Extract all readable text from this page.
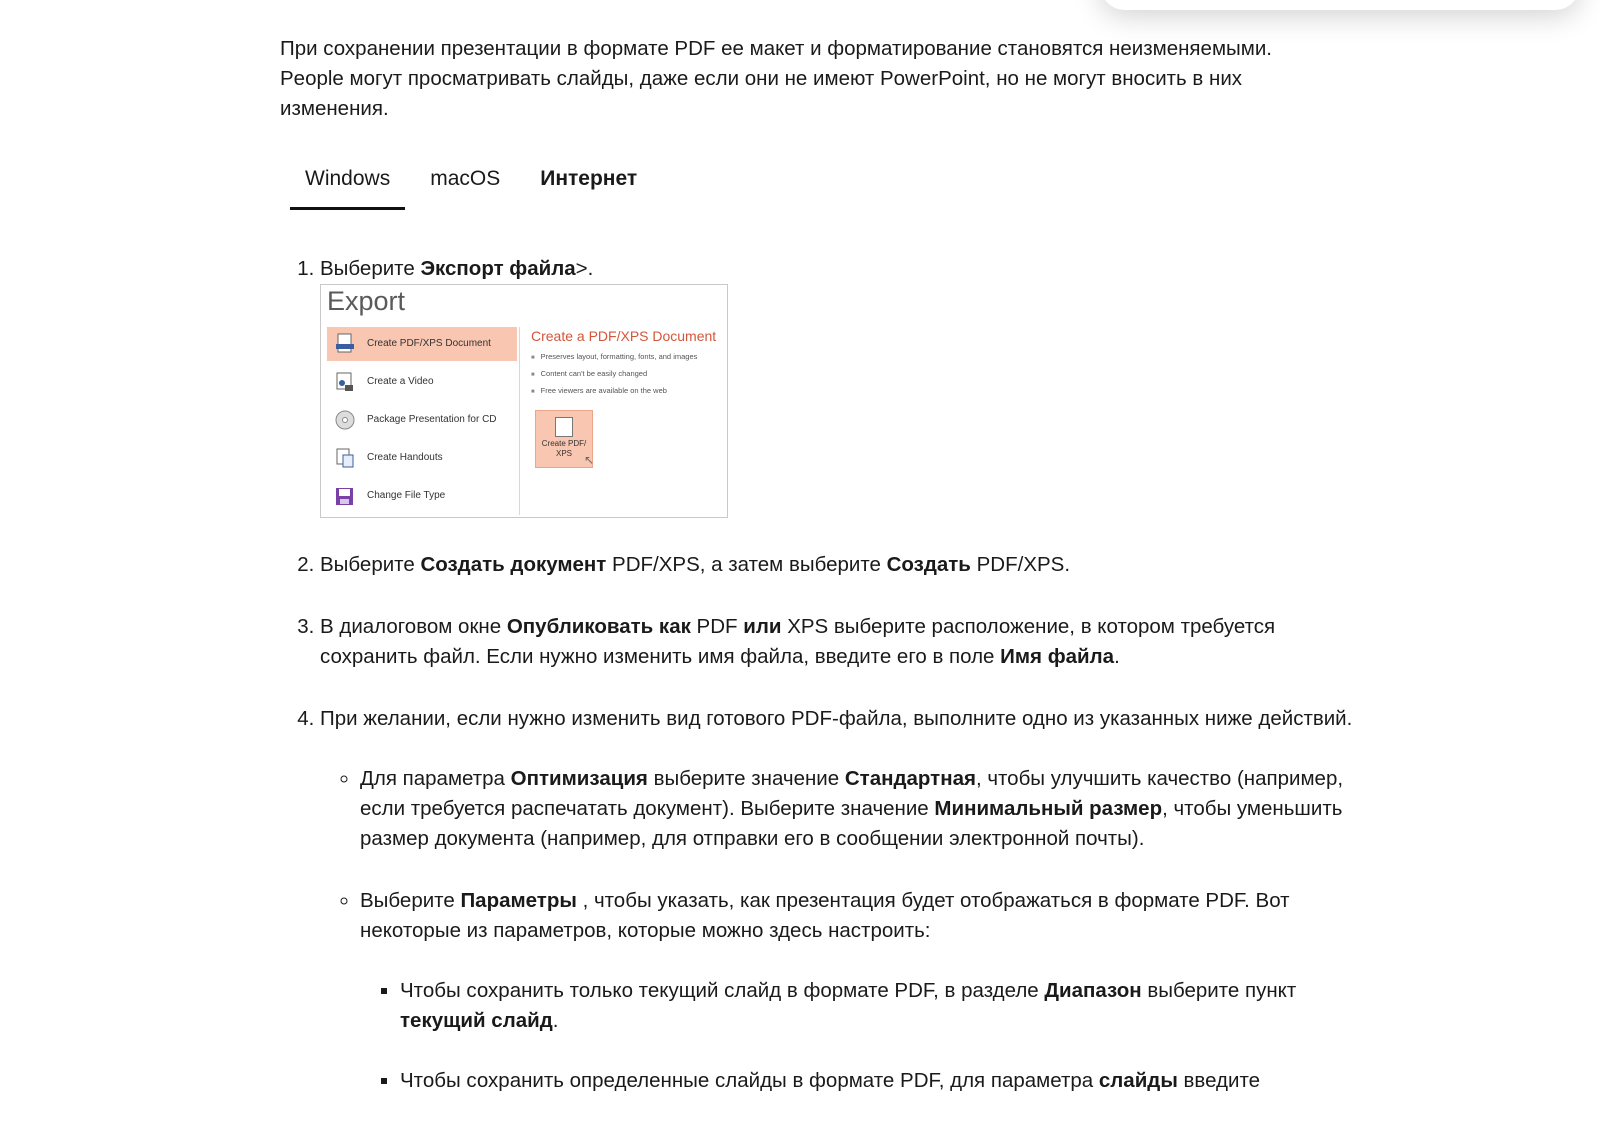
При сохранении презентации в формате PDF ее макет и форматирование становятся неизменяемыми. People могут просматривать слайды, даже если они не имеют PowerPoint, но не могут вносить в них изменения.

Windows	macOS	Интернет
1. Выберите Экспорт файла>.
Export
Create PDF/XPS Document
Create a Video
Package Presentation for CD
Create Handouts
Change File Type
Create a PDF/XPS Document
■ Preserves layout, formatting, fonts, and images
■ Content can't be easily changed
■ Free viewers are available on the web
Create PDF/ XPS	↖
2. Выберите Создать документ PDF/XPS, а затем выберите Создать PDF/XPS.
3. В диалоговом окне Опубликовать как PDF или XPS выберите расположение, в котором требуется сохранить файл. Если нужно изменить имя файла, введите его в поле Имя файла.
4. При желании, если нужно изменить вид готового PDF-файла, выполните одно из указанных ниже действий.
◦ Для параметра Оптимизация выберите значение Стандартная, чтобы улучшить качество (например, если требуется распечатать документ). Выберите значение Минимальный размер, чтобы уменьшить размер документа (например, для отправки его в сообщении электронной почты).
◦ Выберите Параметры , чтобы указать, как презентация будет отображаться в формате PDF. Вот некоторые из параметров, которые можно здесь настроить:
▪ Чтобы сохранить только текущий слайд в формате PDF, в разделе Диапазон выберите пункт текущий слайд.
▪ Чтобы сохранить определенные слайды в формате PDF, для параметра слайды введите
